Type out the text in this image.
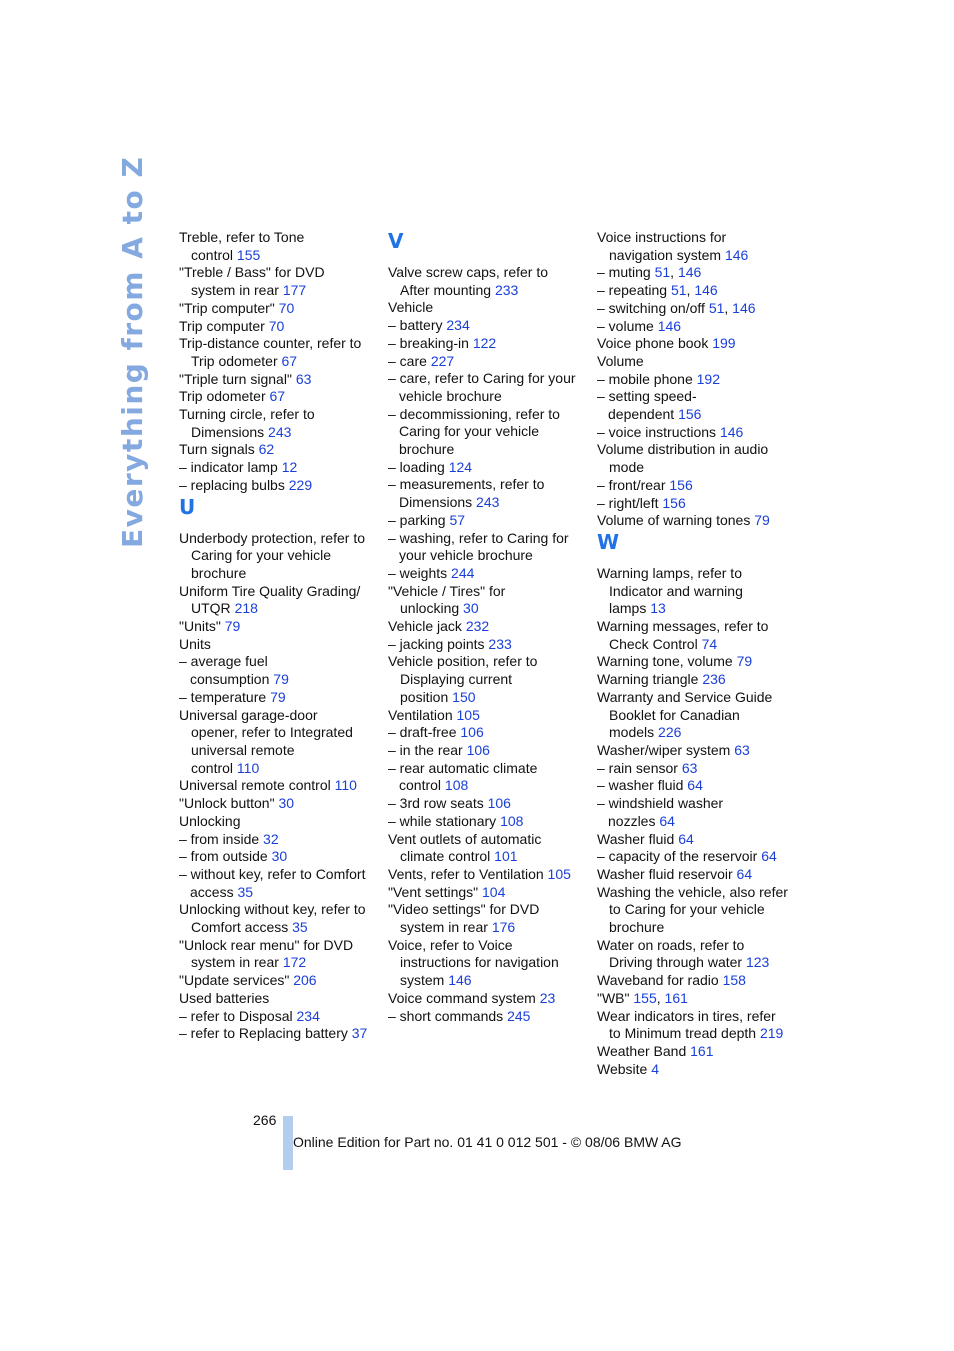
Everything from A to Z Treble, refer to Tone
control 155
"Treble / Bass" for DVD
system in rear 177
"Trip computer" 70
Trip computer 70
Trip-distance counter, refer to
Trip odometer 67
"Triple turn signal" 63
Trip odometer 67
Turning circle, refer to
Dimensions 243
Turn signals 62
– indicator lamp 12
– replacing bulbs 229
U
Underbody protection, refer to
Caring for your vehicle
brochure
Uniform Tire Quality Grading/
UTQR 218
"Units" 79
Units
– average fuel
consumption 79
– temperature 79
Universal garage-door
opener, refer to Integrated
universal remote
control 110
Universal remote control 110
"Unlock button" 30
Unlocking
– from inside 32
– from outside 30
– without key, refer to Comfort
access 35
Unlocking without key, refer to
Comfort access 35
"Unlock rear menu" for DVD
system in rear 172
"Update services" 206
Used batteries
– refer to Disposal 234
– refer to Replacing battery 37
V
Valve screw caps, refer to
After mounting 233
Vehicle
– battery 234
– breaking-in 122
– care 227
– care, refer to Caring for your
vehicle brochure
– decommissioning, refer to
Caring for your vehicle
brochure
– loading 124
– measurements, refer to
Dimensions 243
– parking 57
– washing, refer to Caring for
your vehicle brochure
– weights 244
"Vehicle / Tires" for
unlocking 30
Vehicle jack 232
– jacking points 233
Vehicle position, refer to
Displaying current
position 150
Ventilation 105
– draft-free 106
– in the rear 106
– rear automatic climate
control 108
– 3rd row seats 106
– while stationary 108
Vent outlets of automatic
climate control 101
Vents, refer to Ventilation 105
"Vent settings" 104
"Video settings" for DVD
system in rear 176
Voice, refer to Voice
instructions for navigation
system 146
Voice command system 23
– short commands 245
Voice instructions for
navigation system 146
– muting 51, 146
– repeating 51, 146
– switching on/off 51, 146
– volume 146
Voice phone book 199
Volume
– mobile phone 192
– setting speed-
dependent 156
– voice instructions 146
Volume distribution in audio
mode
– front/rear 156
– right/left 156
Volume of warning tones 79
W
Warning lamps, refer to
Indicator and warning
lamps 13
Warning messages, refer to
Check Control 74
Warning tone, volume 79
Warning triangle 236
Warranty and Service Guide
Booklet for Canadian
models 226
Washer/wiper system 63
– rain sensor 63
– washer fluid 64
– windshield washer
nozzles 64
Washer fluid 64
– capacity of the reservoir 64
Washer fluid reservoir 64
Washing the vehicle, also refer
to Caring for your vehicle
brochure
Water on roads, refer to
Driving through water 123
Waveband for radio 158
"WB" 155, 161
Wear indicators in tires, refer
to Minimum tread depth 219
Weather Band 161
Website 4
266
Online Edition for Part no. 01 41 0 012 501 - © 08/06 BMW AG
